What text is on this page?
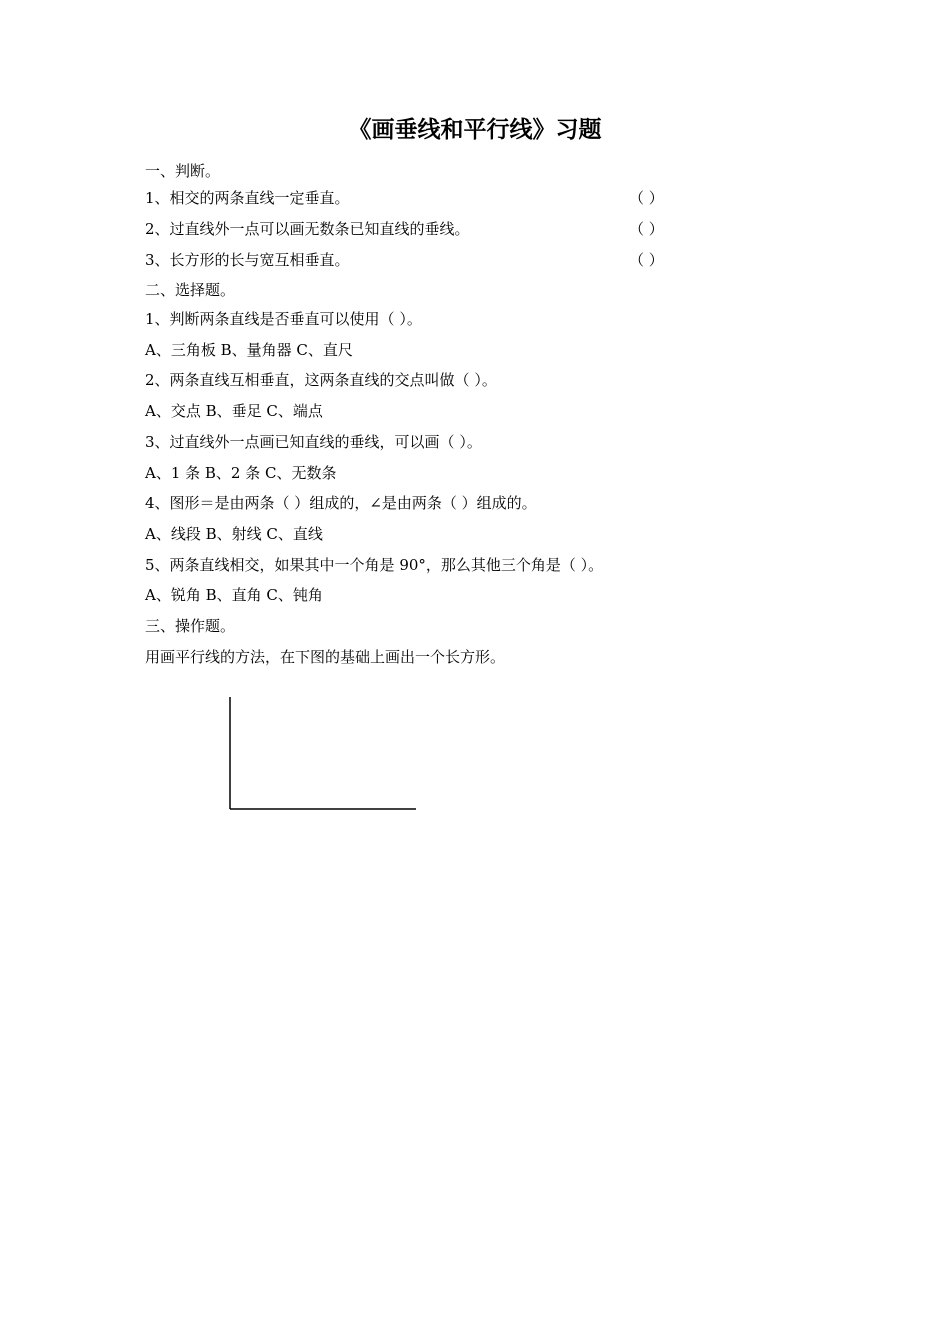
《画垂线和平行线》习题
一、判断。
1、相交的两条直线一定垂直。	（ ）
2、过直线外一点可以画无数条已知直线的垂线。	（ ）
3、长方形的长与宽互相垂直。	（ ）
二、选择题。
1、判断两条直线是否垂直可以使用（ ）。
A、三角板 B、量角器 C、直尺
2、两条直线互相垂直，这两条直线的交点叫做（ ）。
A、交点 B、垂足 C、端点
3、过直线外一点画已知直线的垂线，可以画（ ）。
A、1 条 B、2 条 C、无数条
4、图形＝是由两条（ ）组成的，∠是由两条（ ）组成的。
A、线段 B、射线 C、直线
5、两条直线相交，如果其中一个角是 90°，那么其他三个角是（ ）。
A、锐角 B、直角 C、钝角
三、操作题。
用画平行线的方法，在下图的基础上画出一个长方形。
